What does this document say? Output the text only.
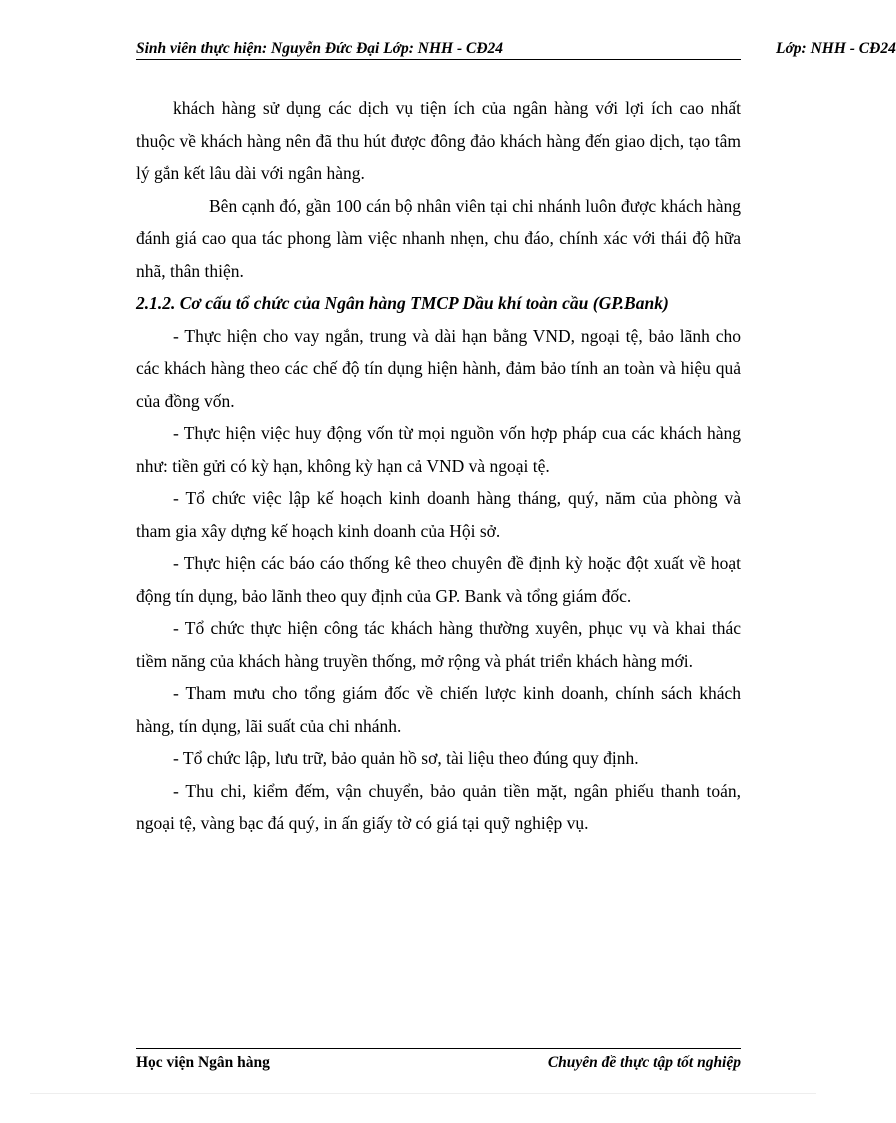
Sinh viên thực hiện: Nguyễn Đức Đại Lớp: NHH - CĐ24	Lớp: NHH - CĐ24

khách hàng sử dụng các dịch vụ tiện ích của ngân hàng với lợi ích cao nhất thuộc về khách hàng nên đã thu hút được đông đảo khách hàng đến giao dịch, tạo tâm lý gắn kết lâu dài với ngân hàng.

Bên cạnh đó, gần 100 cán bộ nhân viên tại chi nhánh luôn được khách hàng đánh giá cao qua tác phong làm việc nhanh nhẹn, chu đáo, chính xác với thái độ hữa nhã, thân thiện.

2.1.2. Cơ cấu tổ chức của Ngân hàng TMCP Dầu khí toàn cầu (GP.Bank)

- Thực hiện cho vay ngắn, trung và dài hạn bằng VND, ngoại tệ, bảo lãnh cho các khách hàng theo các chế độ tín dụng hiện hành, đảm bảo tính an toàn và hiệu quả của đồng vốn.

- Thực hiện việc huy động vốn từ mọi nguồn vốn hợp pháp cua các khách hàng như: tiền gửi có kỳ hạn, không kỳ hạn cả VND và ngoại tệ.

- Tổ chức việc lập kế hoạch kinh doanh hàng tháng, quý, năm của phòng và tham gia xây dựng kế hoạch kinh doanh của Hội sở.

- Thực hiện các báo cáo thống kê theo chuyên đề định kỳ hoặc đột xuất về hoạt động tín dụng, bảo lãnh theo quy định của GP. Bank và tổng giám đốc.

- Tổ chức thực hiện công tác khách hàng thường xuyên, phục vụ và khai thác tiềm năng của khách hàng truyền thống, mở rộng và phát triển khách hàng mới.

- Tham mưu cho tổng giám đốc về chiến lược kinh doanh, chính sách khách hàng, tín dụng, lãi suất của chi nhánh.

- Tổ chức lập, lưu trữ, bảo quản hồ sơ, tài liệu theo đúng quy định.

- Thu chi, kiểm đếm, vận chuyển, bảo quản tiền mặt, ngân phiếu thanh toán, ngoại tệ, vàng bạc đá quý, in ấn giấy tờ có giá tại quỹ nghiệp vụ.

Học viện Ngân hàng	Chuyên đề thực tập tốt nghiệp
